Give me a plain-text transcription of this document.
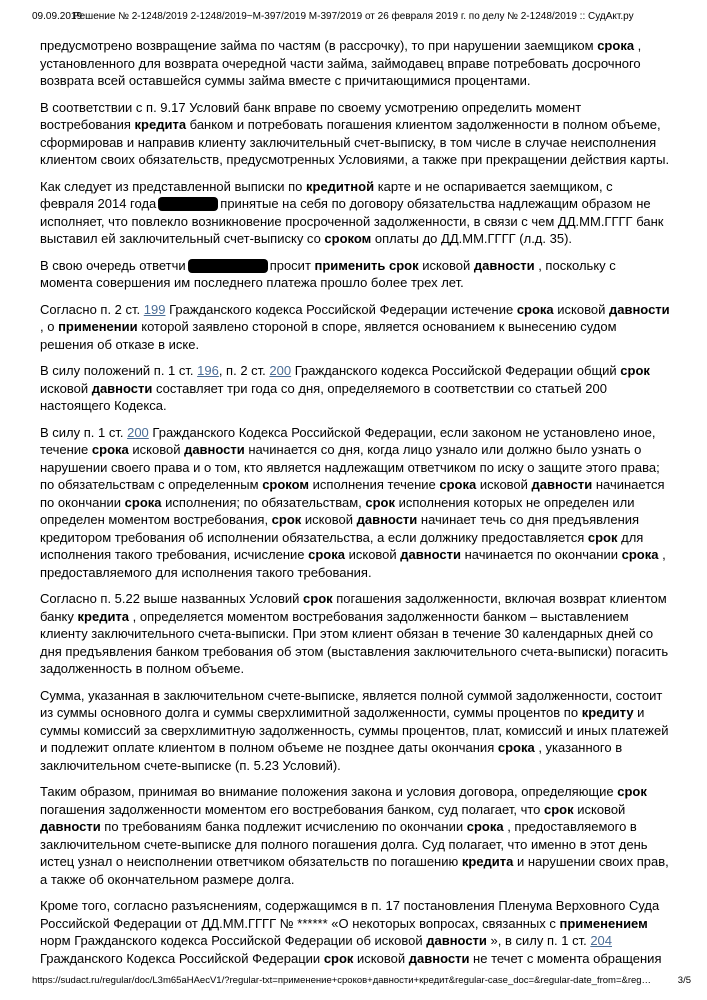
09.09.2019
Решение № 2-1248/2019 2-1248/2019~М-397/2019 М-397/2019 от 26 февраля 2019 г. по делу № 2-1248/2019 :: СудАкт.ру

предусмотрено возвращение займа по частям (в рассрочку), то при нарушении заемщиком срока , установленного для возврата очередной части займа, займодавец вправе потребовать досрочного возврата всей оставшейся суммы займа вместе с причитающимися процентами.

В соответствии с п. 9.17 Условий банк вправе по своему усмотрению определить момент востребования кредита банком и потребовать погашения клиентом задолженности в полном объеме, сформировав и направив клиенту заключительный счет-выписку, в том числе в случае неисполнения клиентом своих обязательств, предусмотренных Условиями, а также при прекращении действия карты.

Как следует из представленной выписки по кредитной карте и не оспаривается заемщиком, с февраля 2014 года	принятые на себя по договору обязательства надлежащим образом не исполняет, что повлекло возникновение просроченной задолженности, в связи с чем ДД.ММ.ГГГГ банк выставил ей заключительный счет-выписку со сроком оплаты до ДД.ММ.ГГГГ (л.д. 35).

В свою очередь ответчи	просит применить срок исковой давности , поскольку с момента совершения им последнего платежа прошло более трех лет.

Согласно п. 2 ст. 199 Гражданского кодекса Российской Федерации истечение срока исковой давности , о применении которой заявлено стороной в споре, является основанием к вынесению судом решения об отказе в иске.

В силу положений п. 1 ст. 196, п. 2 ст. 200 Гражданского кодекса Российской Федерации общий срок исковой давности составляет три года со дня, определяемого в соответствии со статьей 200 настоящего Кодекса.

В силу п. 1 ст. 200 Гражданского Кодекса Российской Федерации, если законом не установлено иное, течение срока исковой давности начинается со дня, когда лицо узнало или должно было узнать о нарушении своего права и о том, кто является надлежащим ответчиком по иску о защите этого права; по обязательствам с определенным сроком исполнения течение срока исковой давности начинается по окончании срока исполнения; по обязательствам, срок исполнения которых не определен или определен моментом востребования, срок исковой давности начинает течь со дня предъявления кредитором требования об исполнении обязательства, а если должнику предоставляется срок для исполнения такого требования, исчисление срока исковой давности начинается по окончании срока , предоставляемого для исполнения такого требования.

Согласно п. 5.22 выше названных Условий срок погашения задолженности, включая возврат клиентом банку кредита , определяется моментом востребования задолженности банком – выставлением клиенту заключительного счета-выписки. При этом клиент обязан в течение 30 календарных дней со дня предъявления банком требования об этом (выставления заключительного счета-выписки) погасить задолженность в полном объеме.

Сумма, указанная в заключительном счете-выписке, является полной суммой задолженности, состоит из суммы основного долга и суммы сверхлимитной задолженности, суммы процентов по кредиту и суммы комиссий за сверхлимитную задолженность, суммы процентов, плат, комиссий и иных платежей и подлежит оплате клиентом в полном объеме не позднее даты окончания срока , указанного в заключительном счете-выписке (п. 5.23 Условий).

Таким образом, принимая во внимание положения закона и условия договора, определяющие срок погашения задолженности моментом его востребования банком, суд полагает, что срок исковой давности по требованиям банка подлежит исчислению по окончании срока , предоставляемого в заключительном счете-выписке для полного погашения долга. Суд полагает, что именно в этот день истец узнал о неисполнении ответчиком обязательств по погашению кредита и нарушении своих прав, а также об окончательном размере долга.

Кроме того, согласно разъяснениям, содержащимся в п. 17 постановления Пленума Верховного Суда Российской Федерации от ДД.ММ.ГГГГ № ****** «О некоторых вопросах, связанных с применением норм Гражданского кодекса Российской Федерации об исковой давности », в силу п. 1 ст. 204 Гражданского Кодекса Российской Федерации срок исковой давности не течет с момента обращения

https://sudact.ru/regular/doc/L3m65aHAecV1/?regular-txt=применение+сроков+давности+кредит&regular-case_doc=&regular-date_from=&reg…	3/5
